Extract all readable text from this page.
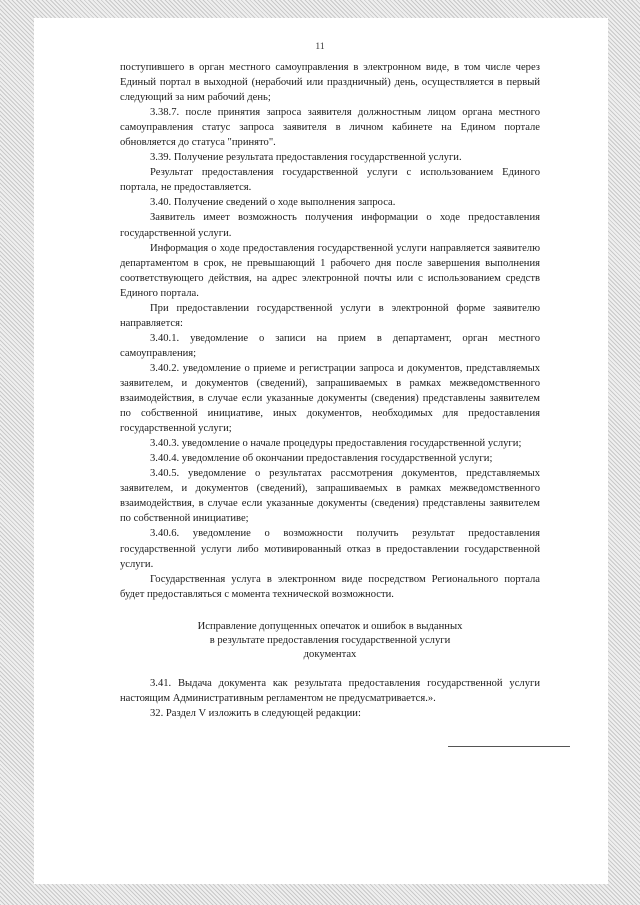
11
поступившего в орган местного самоуправления в электронном виде, в том числе через Единый портал в выходной (нерабочий или праздничный) день, осуществляется в первый следующий за ним рабочий день;
3.38.7. после принятия запроса заявителя должностным лицом органа местного самоуправления статус запроса заявителя в личном кабинете на Едином портале обновляется до статуса "принято".
3.39. Получение результата предоставления государственной услуги.
Результат предоставления государственной услуги с использованием Единого портала, не предоставляется.
3.40. Получение сведений о ходе выполнения запроса.
Заявитель имеет возможность получения информации о ходе предоставления государственной услуги.
Информация о ходе предоставления государственной услуги направляется заявителю департаментом в срок, не превышающий 1 рабочего дня после завершения выполнения соответствующего действия, на адрес электронной почты или с использованием средств Единого портала.
При предоставлении государственной услуги в электронной форме заявителю направляется:
3.40.1. уведомление о записи на прием в департамент, орган местного самоуправления;
3.40.2. уведомление о приеме и регистрации запроса и документов, представляемых заявителем, и документов (сведений), запрашиваемых в рамках межведомственного взаимодействия, в случае если указанные документы (сведения) представлены заявителем по собственной инициативе, иных документов, необходимых для предоставления государственной услуги;
3.40.3. уведомление о начале процедуры предоставления государственной услуги;
3.40.4. уведомление об окончании предоставления государственной услуги;
3.40.5. уведомление о результатах рассмотрения документов, представляемых заявителем, и документов (сведений), запрашиваемых в рамках межведомственного взаимодействия, в случае если указанные документы (сведения) представлены заявителем по собственной инициативе;
3.40.6. уведомление о возможности получить результат предоставления государственной услуги либо мотивированный отказ в предоставлении государственной услуги.
Государственная услуга в электронном виде посредством Регионального портала будет предоставляться с момента технической возможности.
Исправление допущенных опечаток и ошибок в выданных
в результате предоставления государственной услуги
документах
3.41. Выдача документа как результата предоставления государственной услуги настоящим Административным регламентом не предусматривается.».
32. Раздел V изложить в следующей редакции:
